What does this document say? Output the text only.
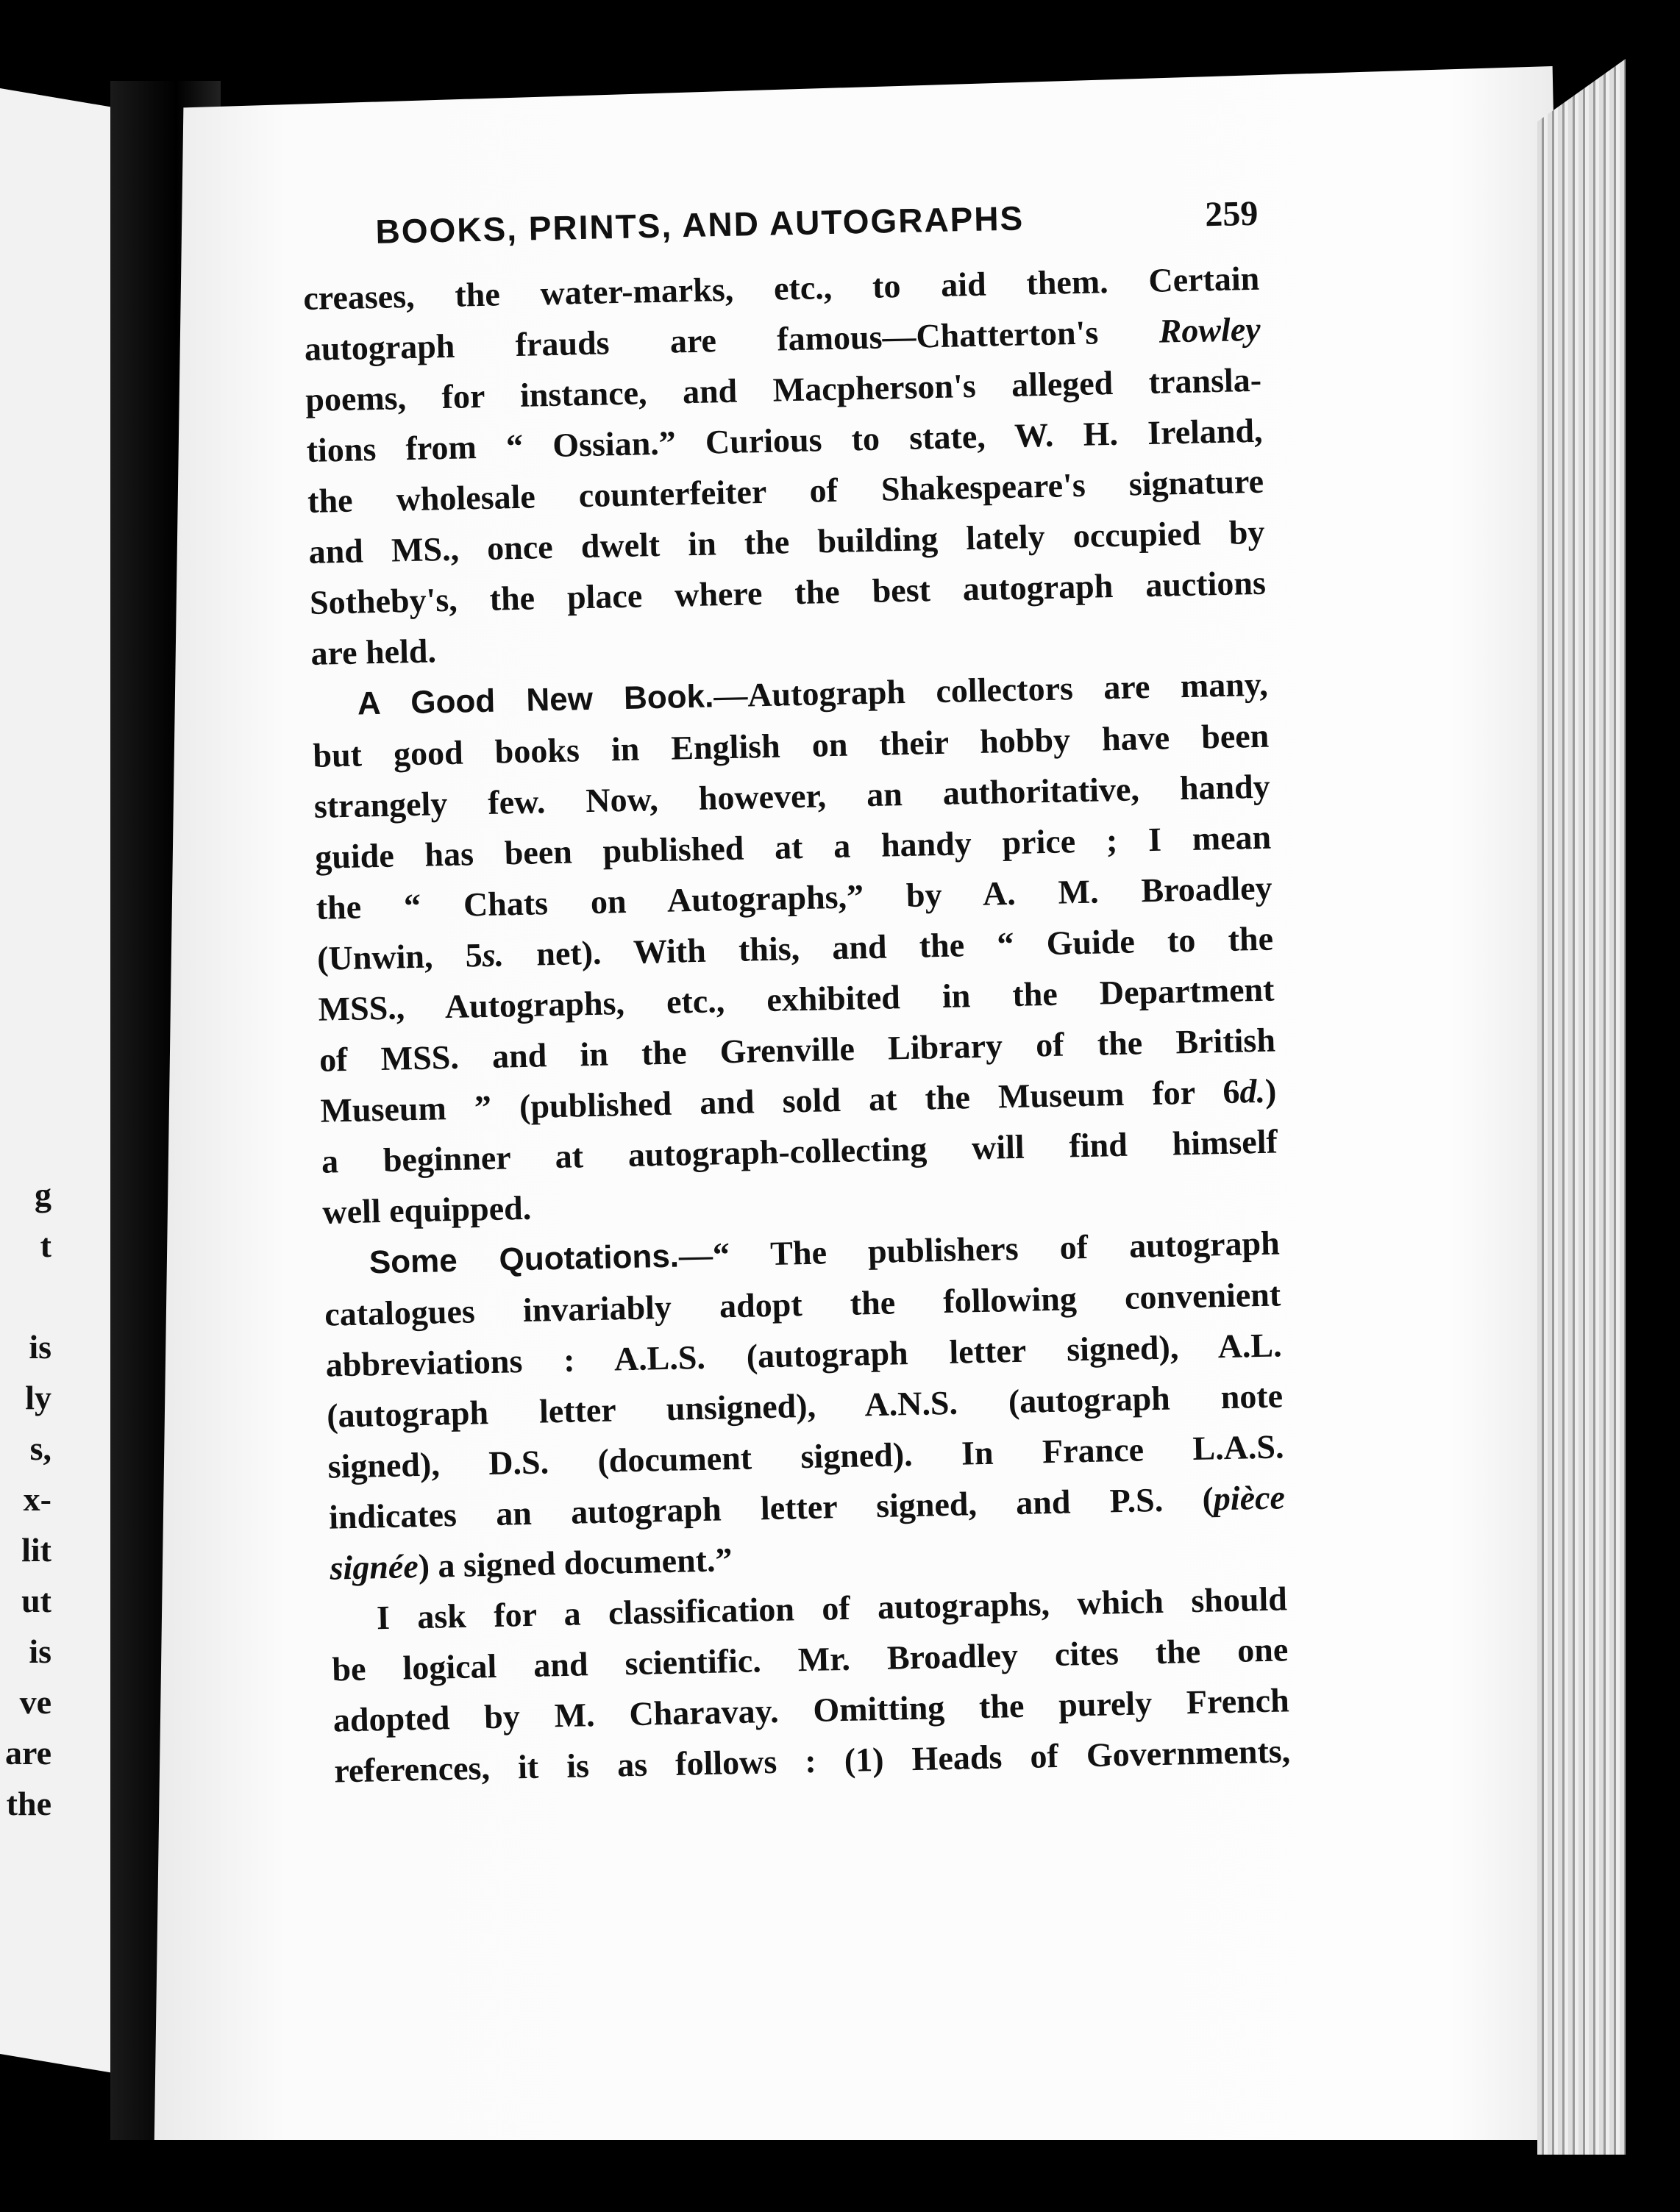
g
t

is
ly
s,
x-
lit
ut
is
ve
are
the
BOOKS, PRINTS, AND AUTOGRAPHS	259
creases, the water-marks, etc., to aid them. Certain
autograph frauds are famous—Chatterton's Rowley
poems, for instance, and Macpherson's alleged transla-
tions from “ Ossian.” Curious to state, W. H. Ireland,
the wholesale counterfeiter of Shakespeare's signature
and MS., once dwelt in the building lately occupied by
Sotheby's, the place where the best autograph auctions
are held.
A Good New Book.—Autograph collectors are many,
but good books in English on their hobby have been
strangely few. Now, however, an authoritative, handy
guide has been published at a handy price ; I mean
the “ Chats on Autographs,” by A. M. Broadley
(Unwin, 5s. net). With this, and the “ Guide to the
MSS., Autographs, etc., exhibited in the Department
of MSS. and in the Grenville Library of the British
Museum ” (published and sold at the Museum for 6d.)
a beginner at autograph-collecting will find himself
well equipped.
Some Quotations.—“ The publishers of autograph
catalogues invariably adopt the following convenient
abbreviations : A.L.S. (autograph letter signed), A.L.
(autograph letter unsigned), A.N.S. (autograph note
signed), D.S. (document signed). In France L.A.S.
indicates an autograph letter signed, and P.S. (pièce
signée) a signed document.”
I ask for a classification of autographs, which should
be logical and scientific. Mr. Broadley cites the one
adopted by M. Charavay. Omitting the purely French
references, it is as follows : (1) Heads of Governments,
